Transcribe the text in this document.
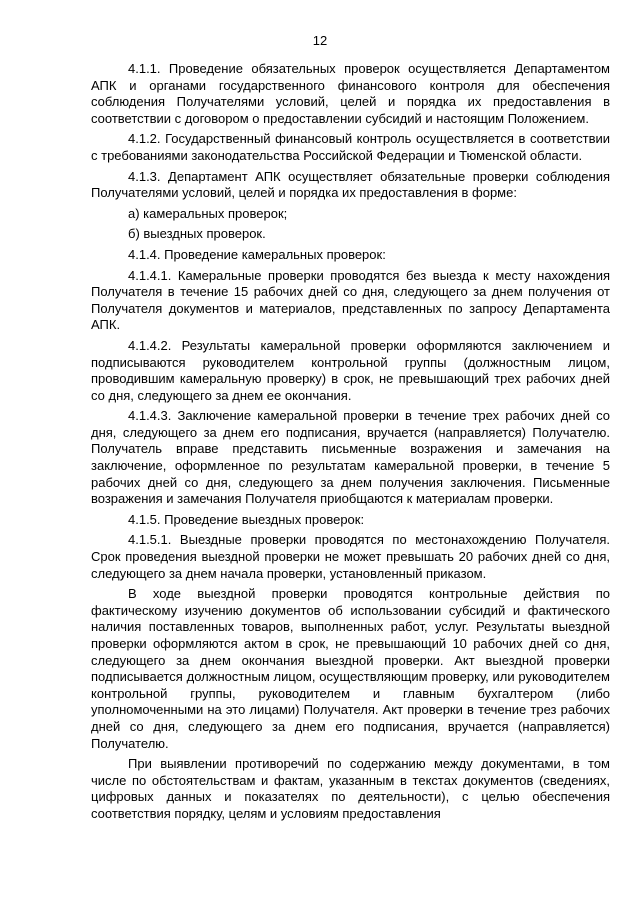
12

4.1.1. Проведение обязательных проверок осуществляется Департаментом АПК и органами государственного финансового контроля для обеспечения соблюдения Получателями условий, целей и порядка их предоставления в соответствии с договором о предоставлении субсидий и настоящим Положением.

4.1.2. Государственный финансовый контроль осуществляется в соответствии с требованиями законодательства Российской Федерации и Тюменской области.

4.1.3. Департамент АПК осуществляет обязательные проверки соблюдения Получателями условий, целей и порядка их предоставления в форме:

а) камеральных проверок;

б) выездных проверок.

4.1.4. Проведение камеральных проверок:

4.1.4.1. Камеральные проверки проводятся без выезда к месту нахождения Получателя в течение 15 рабочих дней со дня, следующего за днем получения от Получателя документов и материалов, представленных по запросу Департамента АПК.

4.1.4.2. Результаты камеральной проверки оформляются заключением и подписываются руководителем контрольной группы (должностным лицом, проводившим камеральную проверку) в срок, не превышающий трех рабочих дней со дня, следующего за днем ее окончания.

4.1.4.3. Заключение камеральной проверки в течение трех рабочих дней со дня, следующего за днем его подписания, вручается (направляется) Получателю. Получатель вправе представить письменные возражения и замечания на заключение, оформленное по результатам камеральной проверки, в течение 5 рабочих дней со дня, следующего за днем получения заключения. Письменные возражения и замечания Получателя приобщаются к материалам проверки.

4.1.5. Проведение выездных проверок:

4.1.5.1. Выездные проверки проводятся по местонахождению Получателя. Срок проведения выездной проверки не может превышать 20 рабочих дней со дня, следующего за днем начала проверки, установленный приказом.

В ходе выездной проверки проводятся контрольные действия по фактическому изучению документов об использовании субсидий и фактического наличия поставленных товаров, выполненных работ, услуг. Результаты выездной проверки оформляются актом в срок, не превышающий 10 рабочих дней со дня, следующего за днем окончания выездной проверки. Акт выездной проверки подписывается должностным лицом, осуществляющим проверку, или руководителем контрольной группы, руководителем и главным бухгалтером (либо уполномоченными на это лицами) Получателя. Акт проверки в течение трез рабочих дней со дня, следующего за днем его подписания, вручается (направляется) Получателю.

При выявлении противоречий по содержанию между документами, в том числе по обстоятельствам и фактам, указанным в текстах документов (сведениях, цифровых данных и показателях по деятельности), с целью обеспечения соответствия порядку, целям и условиям предоставления
